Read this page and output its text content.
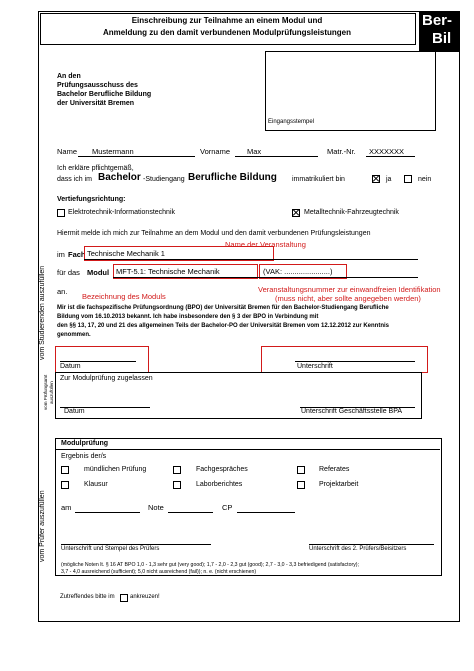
Einschreibung zur Teilnahme an einem Modul und
Anmeldung zu den damit verbundenen Modulprüfungsleistungen
Ber-
Bil
An den
Prüfungsausschuss des
Bachelor Berufliche Bildung
der Universität Bremen
Eingangsstempel
Name Mustermann	Vorname Max	Matr.-Nr. XXXXXXX
Ich erkläre pflichtgemäß,
dass ich im Bachelor -Studiengang Berufliche Bildung immatrikuliert bin	ja	nein
Vertiefungsrichtung:
Elektrotechnik-Informationstechnik	Metalltechnik-Fahrzeugtechnik
Hiermit melde ich mich zur Teilnahme an dem Modul und den damit verbundenen Prüfungsleistungen
im Fach Technische Mechanik 1
Name der Veranstaltung
für das Modul MFT-5.1: Technische Mechanik	(VAK: ......................)
an.
Bezeichnung des Moduls
Veranstaltungsnummer zur einwandfreien Identifikation
(muss nicht, aber sollte angegeben werden)
Mir ist die fachspezifische Prüfungsordnung (BPO) der Universität Bremen für den Bachelor-Studiengang Berufliche
Bildung vom 16.10.2013 bekannt. Ich habe insbesondere den § 3 der BPO in Verbindung mit
den §§ 13, 17, 20 und 21 des allgemeinen Teils der Bachelor-PO der Universität Bremen vom 12.12.2012 zur Kenntnis
genommen.
Datum	Unterschrift
vom Studierenden auszufüllen
Zur Modulprüfung zugelassen
Datum	Unterschrift Geschäftsstelle BPA
vom Prüfungsamt auszufüllen
Modulprüfung
Ergebnis der/s
mündlichen Prüfung	Fachgespräches	Referates
Klausur	Laborberichtes	Projektarbeit
am	Note	CP
Unterschrift und Stempel des Prüfers	Unterschrift des 2. Prüfers/Beisitzers
(mögliche Noten lt. § 16 AT BPO 1,0 - 1,3 sehr gut (very good); 1,7 - 2,0 - 2,3 gut (good); 2,7 - 3,0 - 3,3 befriedigend (satisfactory);
3,7 - 4,0 ausreichend (sufficient); 5,0 nicht ausreichend (fail)); n. e. (nicht erschienen)
vom Prüfer auszufüllen
Zutreffendes bitte im	ankreuzen!
